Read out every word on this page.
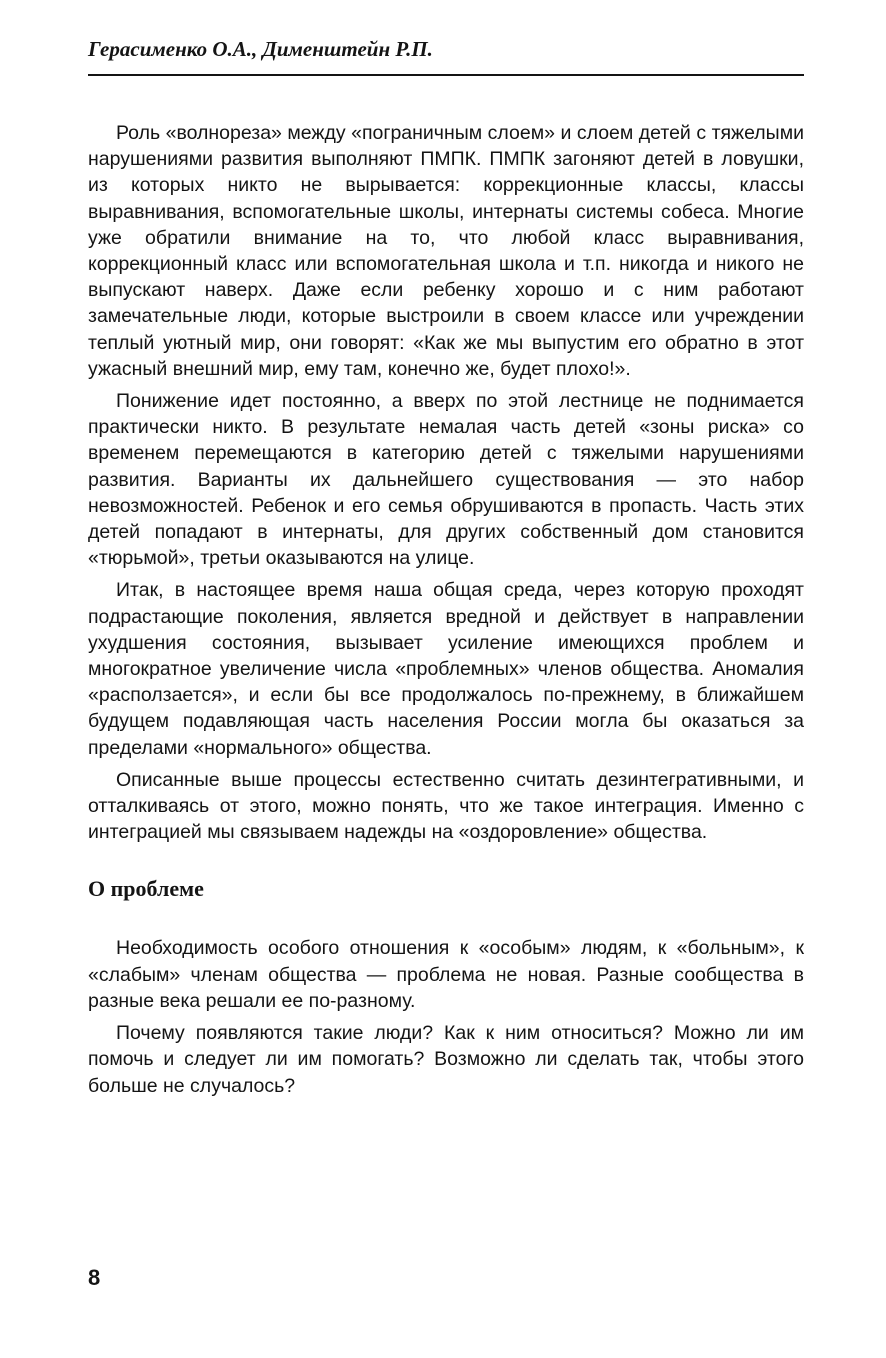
Герасименко О.А., Дименштейн Р.П.

Роль «волнореза» между «пограничным слоем» и слоем детей с тяжелыми нарушениями развития выполняют ПМПК. ПМПК загоняют детей в ловушки, из которых никто не вырывается: коррекционные классы, классы выравнивания, вспомогательные школы, интернаты системы собеса. Многие уже обратили внимание на то, что любой класс выравнивания, коррекционный класс или вспомогательная школа и т.п. никогда и никого не выпускают наверх. Даже если ребенку хорошо и с ним работают замечательные люди, которые выстроили в своем классе или учреждении теплый уютный мир, они говорят: «Как же мы выпустим его обратно в этот ужасный внешний мир, ему там, конечно же, будет плохо!».

Понижение идет постоянно, а вверх по этой лестнице не поднимается практически никто. В результате немалая часть детей «зоны риска» со временем перемещаются в категорию детей с тяжелыми нарушениями развития. Варианты их дальнейшего существования — это набор невозможностей. Ребенок и его семья обрушиваются в пропасть. Часть этих детей попадают в интернаты, для других собственный дом становится «тюрьмой», третьи оказываются на улице.

Итак, в настоящее время наша общая среда, через которую проходят подрастающие поколения, является вредной и действует в направлении ухудшения состояния, вызывает усиление имеющихся проблем и многократное увеличение числа «проблемных» членов общества. Аномалия «расползается», и если бы все продолжалось по-прежнему, в ближайшем будущем подавляющая часть населения России могла бы оказаться за пределами «нормального» общества.

Описанные выше процессы естественно считать дезинтегративными, и отталкиваясь от этого, можно понять, что же такое интеграция. Именно с интеграцией мы связываем надежды на «оздоровление» общества.

О проблеме

Необходимость особого отношения к «особым» людям, к «больным», к «слабым» членам общества — проблема не новая. Разные сообщества в разные века решали ее по-разному.

Почему появляются такие люди? Как к ним относиться? Можно ли им помочь и следует ли им помогать? Возможно ли сделать так, чтобы этого больше не случалось?

8
